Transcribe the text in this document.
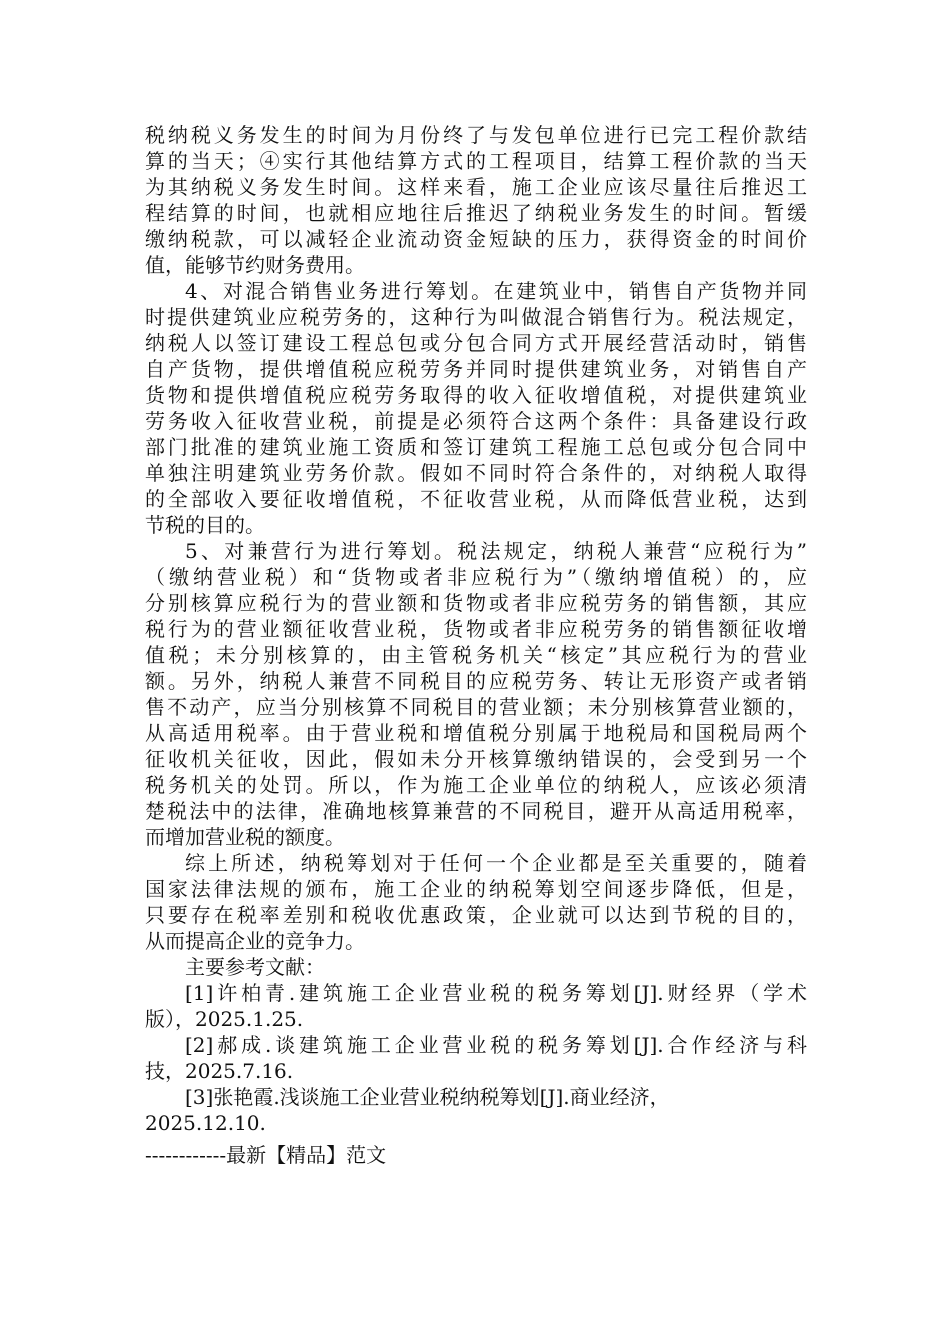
税纳税义务发生的时间为月份终了与发包单位进行已完工程价款结
算的当天；④实行其他结算方式的工程项目，结算工程价款的当天
为其纳税义务发生时间。这样来看，施工企业应该尽量往后推迟工
程结算的时间，也就相应地往后推迟了纳税业务发生的时间。暂缓
缴纳税款，可以减轻企业流动资金短缺的压力，获得资金的时间价
值，能够节约财务费用。
4、对混合销售业务进行筹划。在建筑业中，销售自产货物并同
时提供建筑业应税劳务的，这种行为叫做混合销售行为。税法规定，
纳税人以签订建设工程总包或分包合同方式开展经营活动时，销售
自产货物，提供增值税应税劳务并同时提供建筑业务，对销售自产
货物和提供增值税应税劳务取得的收入征收增值税，对提供建筑业
劳务收入征收营业税，前提是必须符合这两个条件：具备建设行政
部门批准的建筑业施工资质和签订建筑工程施工总包或分包合同中
单独注明建筑业劳务价款。假如不同时符合条件的，对纳税人取得
的全部收入要征收增值税，不征收营业税，从而降低营业税，达到
节税的目的。
5、对兼营行为进行筹划。税法规定，纳税人兼营“应税行为”
（缴纳营业税）和“货物或者非应税行为”（缴纳增值税）的，应
分别核算应税行为的营业额和货物或者非应税劳务的销售额，其应
税行为的营业额征收营业税，货物或者非应税劳务的销售额征收增
值税；未分别核算的，由主管税务机关“核定”其应税行为的营业
额。另外，纳税人兼营不同税目的应税劳务、转让无形资产或者销
售不动产，应当分别核算不同税目的营业额；未分别核算营业额的，
从高适用税率。由于营业税和增值税分别属于地税局和国税局两个
征收机关征收，因此，假如未分开核算缴纳错误的，会受到另一个
税务机关的处罚。所以，作为施工企业单位的纳税人，应该必须清
楚税法中的法律，准确地核算兼营的不同税目，避开从高适用税率，
而增加营业税的额度。
综上所述，纳税筹划对于任何一个企业都是至关重要的，随着
国家法律法规的颁布，施工企业的纳税筹划空间逐步降低，但是，
只要存在税率差别和税收优惠政策，企业就可以达到节税的目的，
从而提高企业的竞争力。
主要参考文献：
[1]许柏青.建筑施工企业营业税的税务筹划[J].财经界（学术
版），2025.1.25.
[2]郝成.谈建筑施工企业营业税的税务筹划[J].合作经济与科
技，2025.7.16.
[3]张艳霞.浅谈施工企业营业税纳税筹划[J].商业经济，
2025.12.10.
------------最新【精品】范文
